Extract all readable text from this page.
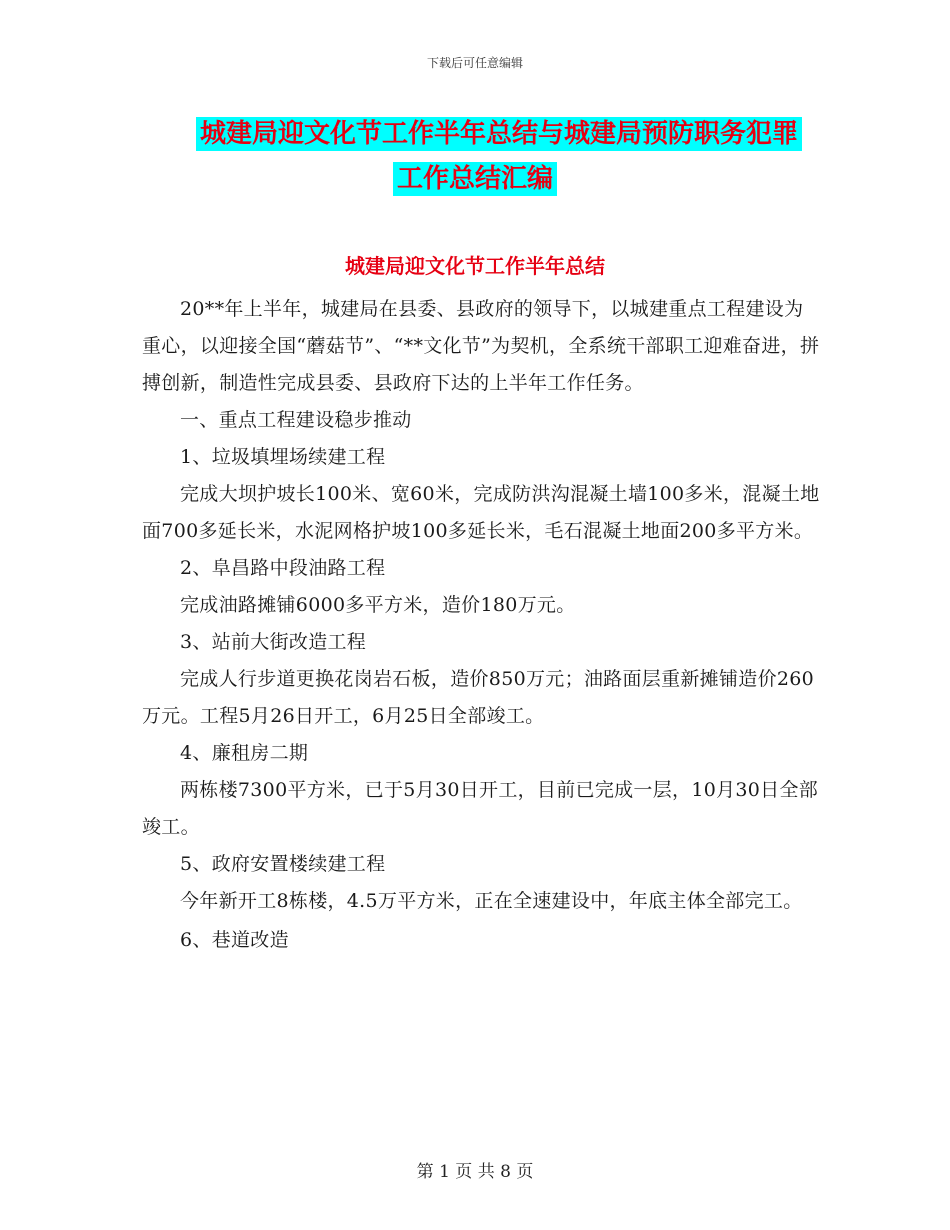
下载后可任意编辑
城建局迎文化节工作半年总结与城建局预防职务犯罪
工作总结汇编
城建局迎文化节工作半年总结

20**年上半年，城建局在县委、县政府的领导下，以城建重点工程建设为重心，以迎接全国“蘑菇节”、“**文化节”为契机，全系统干部职工迎难奋进，拼搏创新，制造性完成县委、县政府下达的上半年工作任务。

一、重点工程建设稳步推动

1、垃圾填埋场续建工程

完成大坝护坡长100米、宽60米，完成防洪沟混凝土墙100多米，混凝土地面700多延长米，水泥网格护坡100多延长米，毛石混凝土地面200多平方米。

2、阜昌路中段油路工程

完成油路摊铺6000多平方米，造价180万元。

3、站前大街改造工程

完成人行步道更换花岗岩石板，造价850万元；油路面层重新摊铺造价260万元。工程5月26日开工，6月25日全部竣工。

4、廉租房二期

两栋楼7300平方米，已于5月30日开工，目前已完成一层，10月30日全部竣工。

5、政府安置楼续建工程

今年新开工8栋楼，4.5万平方米，正在全速建设中，年底主体全部完工。

6、巷道改造

第 1 页 共 8 页
